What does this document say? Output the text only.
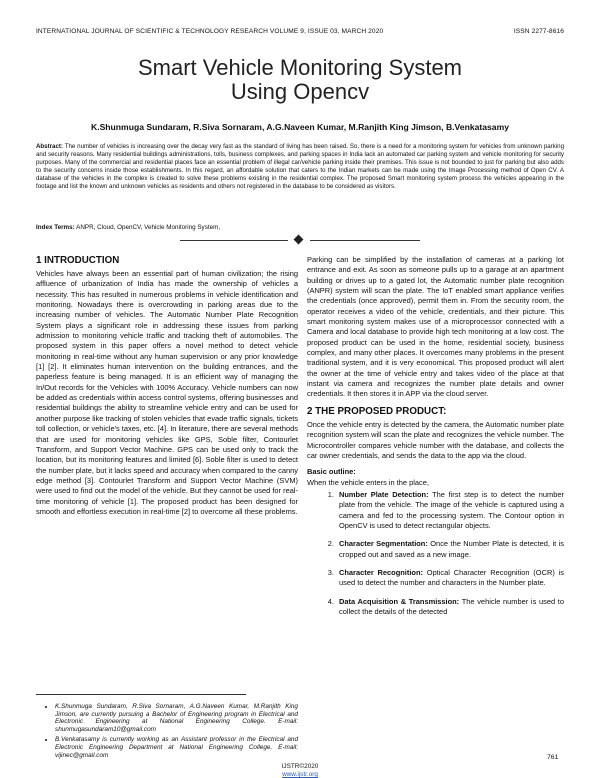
INTERNATIONAL JOURNAL OF SCIENTIFIC & TECHNOLOGY RESEARCH VOLUME 9, ISSUE 03, MARCH 2020	ISSN 2277-8616
Smart Vehicle Monitoring System
Using Opencv
K.Shunmuga Sundaram, R.Siva Sornaram, A.G.Naveen Kumar, M.Ranjith King Jimson, B.Venkatasamy
Abstract: The number of vehicles is increasing over the decay very fast as the standard of living has been raised. So, there is a need for a monitoring system for vehicles from unknown parking and security reasons. Many residential buildings administrations, tolls, business complexes, and parking spaces in India lack an automated car parking system and vehicle monitoring for security purposes. Many of the commercial and residential places face an essential problem of illegal car/vehicle parking inside their premises. This issue is not bounded to just for parking but also adds to the security concerns inside those establishments. In this regard, an affordable solution that caters to the Indian markets can be made using the Image Processing method of Open CV. A database of the vehicles in the complex is created to solve these problems existing in the residential complex. The proposed Smart monitoring system process the vehicles appearing in the footage and list the known and unknown vehicles as residents and others not registered in the database to be considered as visitors.
Index Terms: ANPR, Cloud, OpenCV, Vehicle Monitoring System,
1 INTRODUCTION

Vehicles have always been an essential part of human civilization; the rising affluence of urbanization of India has made the ownership of vehicles a necessity. This has resulted in numerous problems in vehicle identification and monitoring. Nowadays there is overcrowding in parking areas due to the increasing number of vehicles. The Automatic Number Plate Recognition System plays a significant role in addressing these issues from parking admission to monitoring vehicle traffic and tracking theft of automobiles. The proposed system in this paper offers a novel method to detect vehicle monitoring in real-time without any human supervision or any prior knowledge [1] [2]. It eliminates human intervention on the building entrances, and the paperless feature is being managed. It is an efficient way of managing the In/Out records for the Vehicles with 100% Accuracy. Vehicle numbers can now be added as credentials within access control systems, offering businesses and residential buildings the ability to streamline vehicle entry and can be used for another purpose like tracking of stolen vehicles that evade traffic signals, tickets toll collection, or vehicle's taxes, etc. [4]. In literature, there are several methods that are used for monitoring vehicles like GPS, Soble filter, Contourlet Transform, and Support Vector Machine. GPS can be used only to track the location, but its monitoring features and limited [6]. Soble filter is used to detect the number plate, but it lacks speed and accuracy when compared to the canny edge method [3]. Contourlet Transform and Support Vector Machine (SVM) were used to find out the model of the vehicle. But they cannot be used for real-time monitoring of vehicle [1]. The proposed product has been designed for smooth and effortless execution in real-time [2] to overcome all these problems.

Parking can be simplified by the installation of cameras at a parking lot entrance and exit. As soon as someone pulls up to a garage at an apartment building or drives up to a gated lot, the Automatic number plate recognition (ANPR) system will scan the plate. The IoT enabled smart appliance verifies the credentials (once approved), permit them in. From the security room, the operator receives a video of the vehicle, credentials, and their picture. This smart monitoring system makes use of a microprocessor connected with a Camera and local database to provide high tech monitoring at a low cost. The proposed product can be used in the home, residential society, business complex, and many other places. It overcomes many problems in the present traditional system, and it is very economical. This proposed product will alert the owner at the time of vehicle entry and takes video of the place at that instant via camera and recognizes the number plate details and owner credentials. It then stores it in APP via the cloud server.

2 THE PROPOSED PRODUCT:

Once the vehicle entry is detected by the camera, the Automatic number plate recognition system will scan the plate and recognizes the vehicle number. The Microcontroller compares vehicle number with the database, and collects the car owner credentials, and sends the data to the app via the cloud.

Basic outline:
When the vehicle enters in the place,
1. Number Plate Detection: The first step is to detect the number plate from the vehicle. The image of the vehicle is captured using a camera and fed to the processing system. The Contour option in OpenCV is used to detect rectangular objects.
2. Character Segmentation: Once the Number Plate is detected, it is cropped out and saved as a new image.
3. Character Recognition: Optical Character Recognition (OCR) is used to detect the number and characters in the Number plate.
4. Data Acquisition & Transmission: The vehicle number is used to collect the details of the detected
• K.Shunmuga Sundaram, R.Siva Sornaram, A.G.Naveen Kumar, M.Ranjith King Jimson, are currently pursuing a Bachelor of Engineering program in Electrical and Electronic Engineering at National Engineering College. E-mail: shunmugasundaram10@gmail.com
• B.Venkatasamy is currently working as an Assistant professor in the Electrical and Electronic Engineering Department at National Engineering College. E-mail: vijinec@gmail.com	761
IJSTR©2020
www.ijstr.org
